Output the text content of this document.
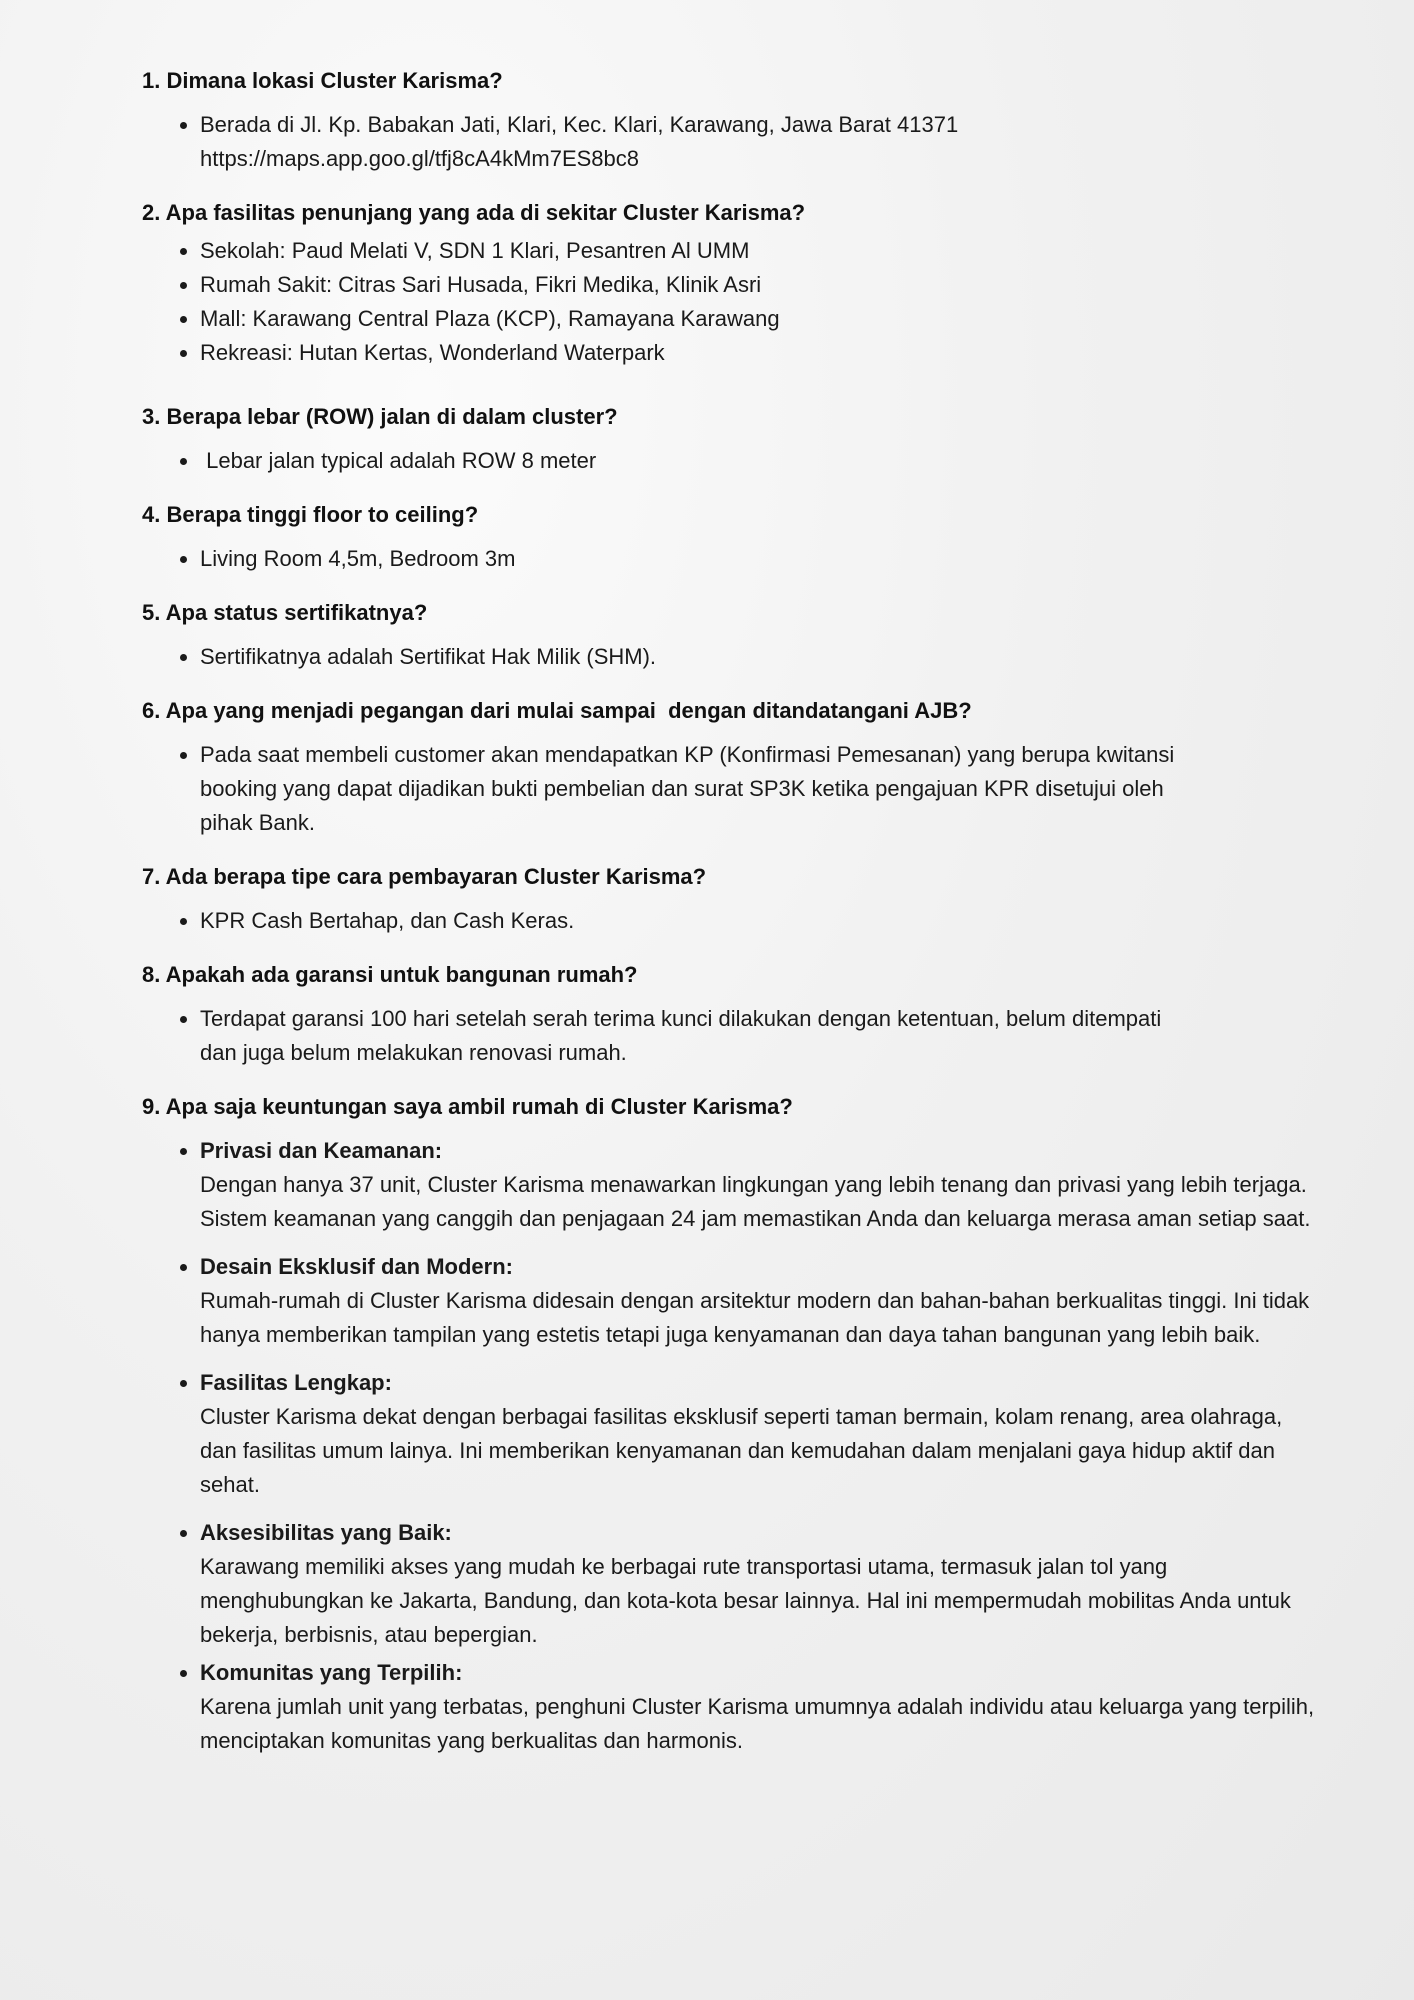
1. Dimana lokasi Cluster Karisma?
• Berada di Jl. Kp. Babakan Jati, Klari, Kec. Klari, Karawang, Jawa Barat 41371
https://maps.app.goo.gl/tfj8cA4kMm7ES8bc8
2. Apa fasilitas penunjang yang ada di sekitar Cluster Karisma?
• Sekolah: Paud Melati V, SDN 1 Klari, Pesantren Al UMM
• Rumah Sakit: Citras Sari Husada, Fikri Medika, Klinik Asri
• Mall: Karawang Central Plaza (KCP), Ramayana Karawang
• Rekreasi: Hutan Kertas, Wonderland Waterpark
3. Berapa lebar (ROW) jalan di dalam cluster?
•  Lebar jalan typical adalah ROW 8 meter
4. Berapa tinggi floor to ceiling?
• Living Room 4,5m, Bedroom 3m
5. Apa status sertifikatnya?
• Sertifikatnya adalah Sertifikat Hak Milik (SHM).
6. Apa yang menjadi pegangan dari mulai sampai  dengan ditandatangani AJB?
• Pada saat membeli customer akan mendapatkan KP (Konfirmasi Pemesanan) yang berupa kwitansi booking yang dapat dijadikan bukti pembelian dan surat SP3K ketika pengajuan KPR disetujui oleh pihak Bank.
7. Ada berapa tipe cara pembayaran Cluster Karisma?
• KPR Cash Bertahap, dan Cash Keras.
8. Apakah ada garansi untuk bangunan rumah?
• Terdapat garansi 100 hari setelah serah terima kunci dilakukan dengan ketentuan, belum ditempati dan juga belum melakukan renovasi rumah.
9. Apa saja keuntungan saya ambil rumah di Cluster Karisma?
• Privasi dan Keamanan:
Dengan hanya 37 unit, Cluster Karisma menawarkan lingkungan yang lebih tenang dan privasi yang lebih terjaga. Sistem keamanan yang canggih dan penjagaan 24 jam memastikan Anda dan keluarga merasa aman setiap saat.
• Desain Eksklusif dan Modern:
Rumah-rumah di Cluster Karisma didesain dengan arsitektur modern dan bahan-bahan berkualitas tinggi. Ini tidak hanya memberikan tampilan yang estetis tetapi juga kenyamanan dan daya tahan bangunan yang lebih baik.
• Fasilitas Lengkap:
Cluster Karisma dekat dengan berbagai fasilitas eksklusif seperti taman bermain, kolam renang, area olahraga, dan fasilitas umum lainya. Ini memberikan kenyamanan dan kemudahan dalam menjalani gaya hidup aktif dan sehat.
• Aksesibilitas yang Baik:
Karawang memiliki akses yang mudah ke berbagai rute transportasi utama, termasuk jalan tol yang menghubungkan ke Jakarta, Bandung, dan kota-kota besar lainnya. Hal ini mempermudah mobilitas Anda untuk bekerja, berbisnis, atau bepergian.
• Komunitas yang Terpilih:
Karena jumlah unit yang terbatas, penghuni Cluster Karisma umumnya adalah individu atau keluarga yang terpilih, menciptakan komunitas yang berkualitas dan harmonis.
